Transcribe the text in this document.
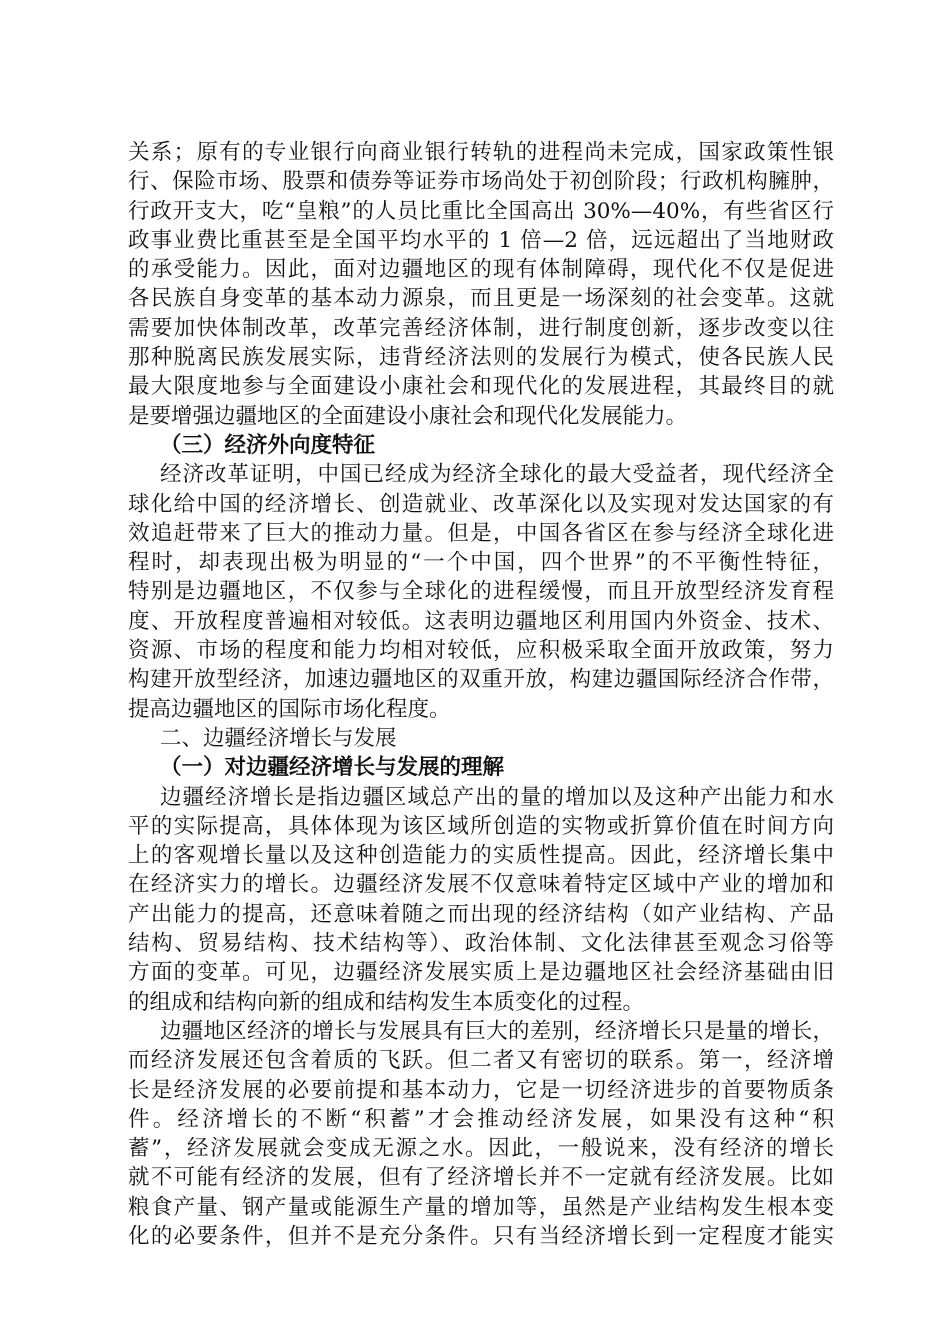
关系；原有的专业银行向商业银行转轨的进程尚未完成，国家政策性银
行、保险市场、股票和债券等证券市场尚处于初创阶段；行政机构臃肿，
行政开支大，吃“皇粮”的人员比重比全国高出 30%—40%，有些省区行
政事业费比重甚至是全国平均水平的 1 倍—2 倍，远远超出了当地财政
的承受能力。因此，面对边疆地区的现有体制障碍，现代化不仅是促进
各民族自身变革的基本动力源泉，而且更是一场深刻的社会变革。这就
需要加快体制改革，改革完善经济体制，进行制度创新，逐步改变以往
那种脱离民族发展实际，违背经济法则的发展行为模式，使各民族人民
最大限度地参与全面建设小康社会和现代化的发展进程，其最终目的就
是要增强边疆地区的全面建设小康社会和现代化发展能力。
（三）经济外向度特征
经济改革证明，中国已经成为经济全球化的最大受益者，现代经济全
球化给中国的经济增长、创造就业、改革深化以及实现对发达国家的有
效追赶带来了巨大的推动力量。但是，中国各省区在参与经济全球化进
程时，却表现出极为明显的“一个中国，四个世界”的不平衡性特征，
特别是边疆地区，不仅参与全球化的进程缓慢，而且开放型经济发育程
度、开放程度普遍相对较低。这表明边疆地区利用国内外资金、技术、
资源、市场的程度和能力均相对较低，应积极采取全面开放政策，努力
构建开放型经济，加速边疆地区的双重开放，构建边疆国际经济合作带，
提高边疆地区的国际市场化程度。
二、边疆经济增长与发展
（一）对边疆经济增长与发展的理解
边疆经济增长是指边疆区域总产出的量的增加以及这种产出能力和水
平的实际提高，具体体现为该区域所创造的实物或折算价值在时间方向
上的客观增长量以及这种创造能力的实质性提高。因此，经济增长集中
在经济实力的增长。边疆经济发展不仅意味着特定区域中产业的增加和
产出能力的提高，还意味着随之而出现的经济结构（如产业结构、产品
结构、贸易结构、技术结构等）、政治体制、文化法律甚至观念习俗等
方面的变革。可见，边疆经济发展实质上是边疆地区社会经济基础由旧
的组成和结构向新的组成和结构发生本质变化的过程。
边疆地区经济的增长与发展具有巨大的差别，经济增长只是量的增长，
而经济发展还包含着质的飞跃。但二者又有密切的联系。第一，经济增
长是经济发展的必要前提和基本动力，它是一切经济进步的首要物质条
件。经济增长的不断“积蓄”才会推动经济发展，如果没有这种“积
蓄”，经济发展就会变成无源之水。因此，一般说来，没有经济的增长
就不可能有经济的发展，但有了经济增长并不一定就有经济发展。比如
粮食产量、钢产量或能源生产量的增加等，虽然是产业结构发生根本变
化的必要条件，但并不是充分条件。只有当经济增长到一定程度才能实
